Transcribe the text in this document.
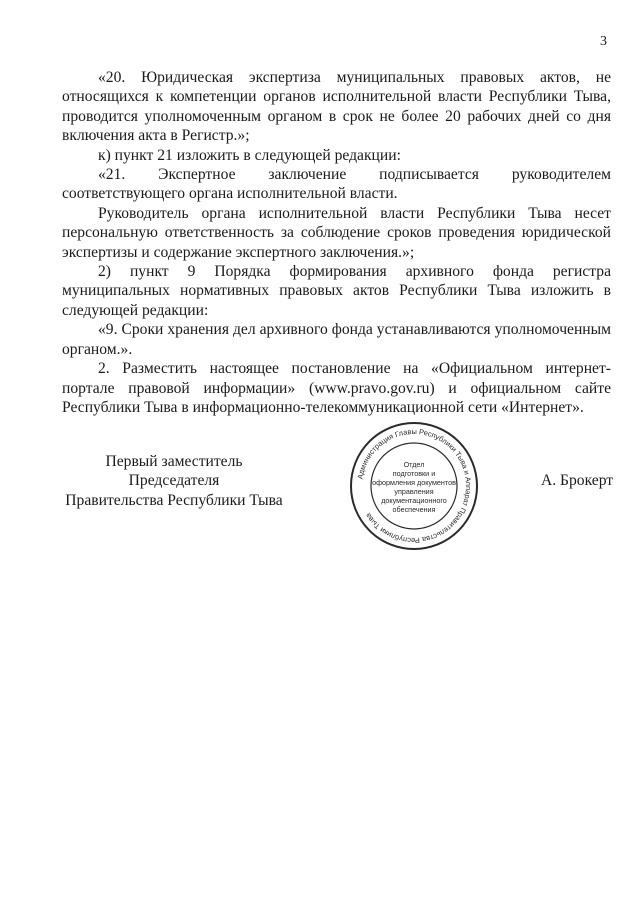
3

«20. Юридическая экспертиза муниципальных правовых актов, не относящихся к компетенции органов исполнительной власти Республики Тыва, проводится уполномоченным органом в срок не более 20 рабочих дней со дня включения акта в Регистр.»;

к) пункт 21 изложить в следующей редакции:

«21. Экспертное заключение подписывается руководителем соответствующего органа исполнительной власти.

Руководитель органа исполнительной власти Республики Тыва несет персональную ответственность за соблюдение сроков проведения юридической экспертизы и содержание экспертного заключения.»;

2) пункт 9 Порядка формирования архивного фонда регистра муниципальных нормативных правовых актов Республики Тыва изложить в следующей редакции:

«9. Сроки хранения дел архивного фонда устанавливаются уполномоченным органом.».

2. Разместить настоящее постановление на «Официальном интернет-портале правовой информации» (www.pravo.gov.ru) и официальном сайте Республики Тыва в информационно-телекоммуникационной сети «Интернет».

Первый заместитель Председателя
Правительства Республики Тыва
Администрация Главы Республики Тыва и Аппарат Правительства Республики Тыва
Отдел
подготовки и
оформления документов
управления
документационного
обеспечения
А. Брокерт
